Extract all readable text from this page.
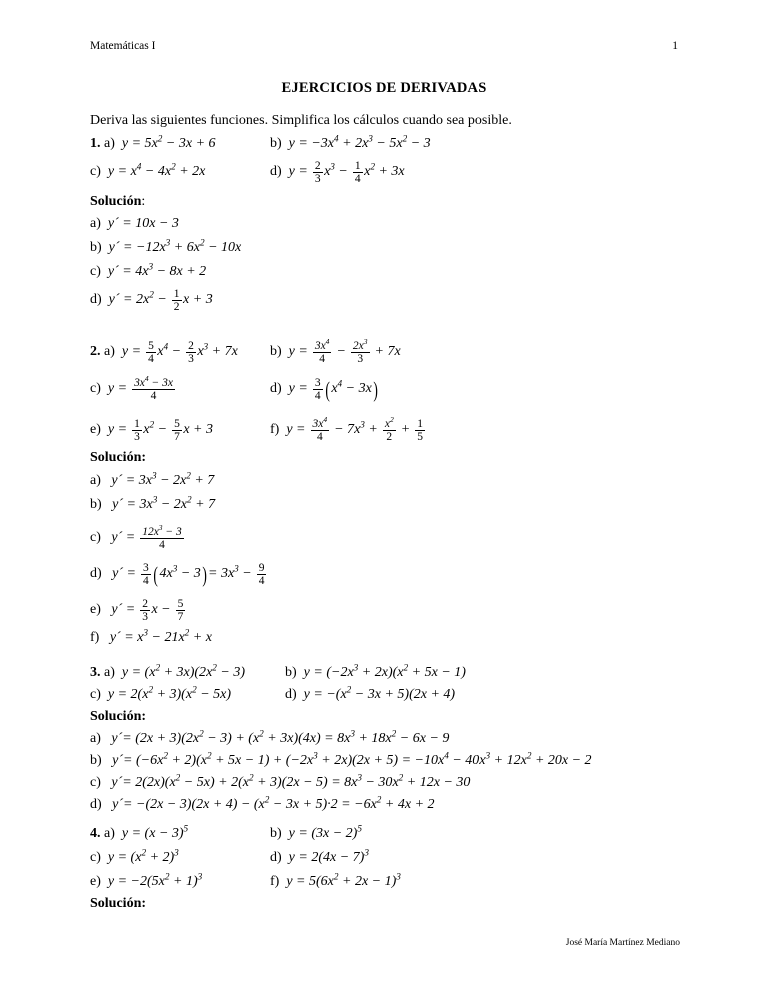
Matemáticas I	1
EJERCICIOS DE DERIVADAS
Deriva las siguientes funciones. Simplifica los cálculos cuando sea posible.
1. a)  $y = 5x^2 - 3x + 6$	b)  $y = -3x^4 + 2x^3 - 5x^2 - 3$
c)  $y = x^4 - 4x^2 + 2x$	d)  $y = \frac{2}{3} x^3 - \frac{1}{4} x^2 + 3x$
Solución:
a)  y´ = 10x − 3
b)  y´ = $-12x^3 + 6x^2 - 10x$
c)  y´ = $4x^3 - 8x + 2$
d)  y´ = $2x^2 - \frac{1}{2}$ x + 3
2. a)  $y = \frac{5}{4} x^4 - \frac{2}{3} x^3 + 7x$ b)  $y = \frac{3x^4}{4} - \frac{2x^3}{3} + 7x$
c)  $y = \frac{3x^4 - 3x}{4}$	d)  $y = \frac{3}{4} (x^4 - 3x)$
e)  $y = \frac{1}{3} x^2 - \frac{5}{7}$ x + 3	f)  $y = \frac{3x^4}{4} - 7x^3 + \frac{x^2}{2} + \frac{1}{5}$
Solución:
a)   y´ = $3x^3 - 2x^2 + 7$
b)   y´ = $3x^3 - 2x^2 + 7$
c)   y´ = $\frac{12x^3 - 3}{4}$
d)   y´ = $\frac{3}{4} (4x^3 - 3)= 3x^3 - \frac{9}{4}$
e)   y´ = $\frac{2}{3}$ $x - \frac{5}{7}$
f)   y´ = $x^3 - 21x^2 + x$
3. a)  $y = (x^2 + 3x)(2x^2 - 3)$	b)  $y = (-2x^3 + 2x)(x^2 + 5x - 1)$
c)  $y = 2(x^2 + 3)(x^2 - 5x)$	d)  $y = -(x^2 - 3x + 5)(2x + 4)$
Solución:
a)   y´= $(2x + 3)(2x^2 - 3) + (x^2 + 3x)(4x) = 8x^3 + 18x^2 - 6x - 9$
b)   y´= $(-6x^2 + 2)(x^2 + 5x - 1) + (-2x^3 + 2x)(2x + 5) = -10x^4 - 40x^3 + 12x^2 + 20x - 2$
c)   y´= $2(2x)(x^2 - 5x) + 2(x^2 + 3)(2x - 5) = 8x^3 - 30x^2 + 12x - 30$
d)   y´= $-(2x - 3)(2x + 4) - (x^2 - 3x + 5)\cdot 2 = -6x^2 + 4x + 2$
4. a)  $y = (x - 3)^5$	b)  $y = (3x - 2)^5$
c)  $y = (x^2 + 2)^3$	d)  $y = 2(4x - 7)^3$
e)  $y = -2(5x^2 + 1)^3$	f)  $y = 5(6x^2 + 2x - 1)^3$
Solución:
José María Martínez Mediano
